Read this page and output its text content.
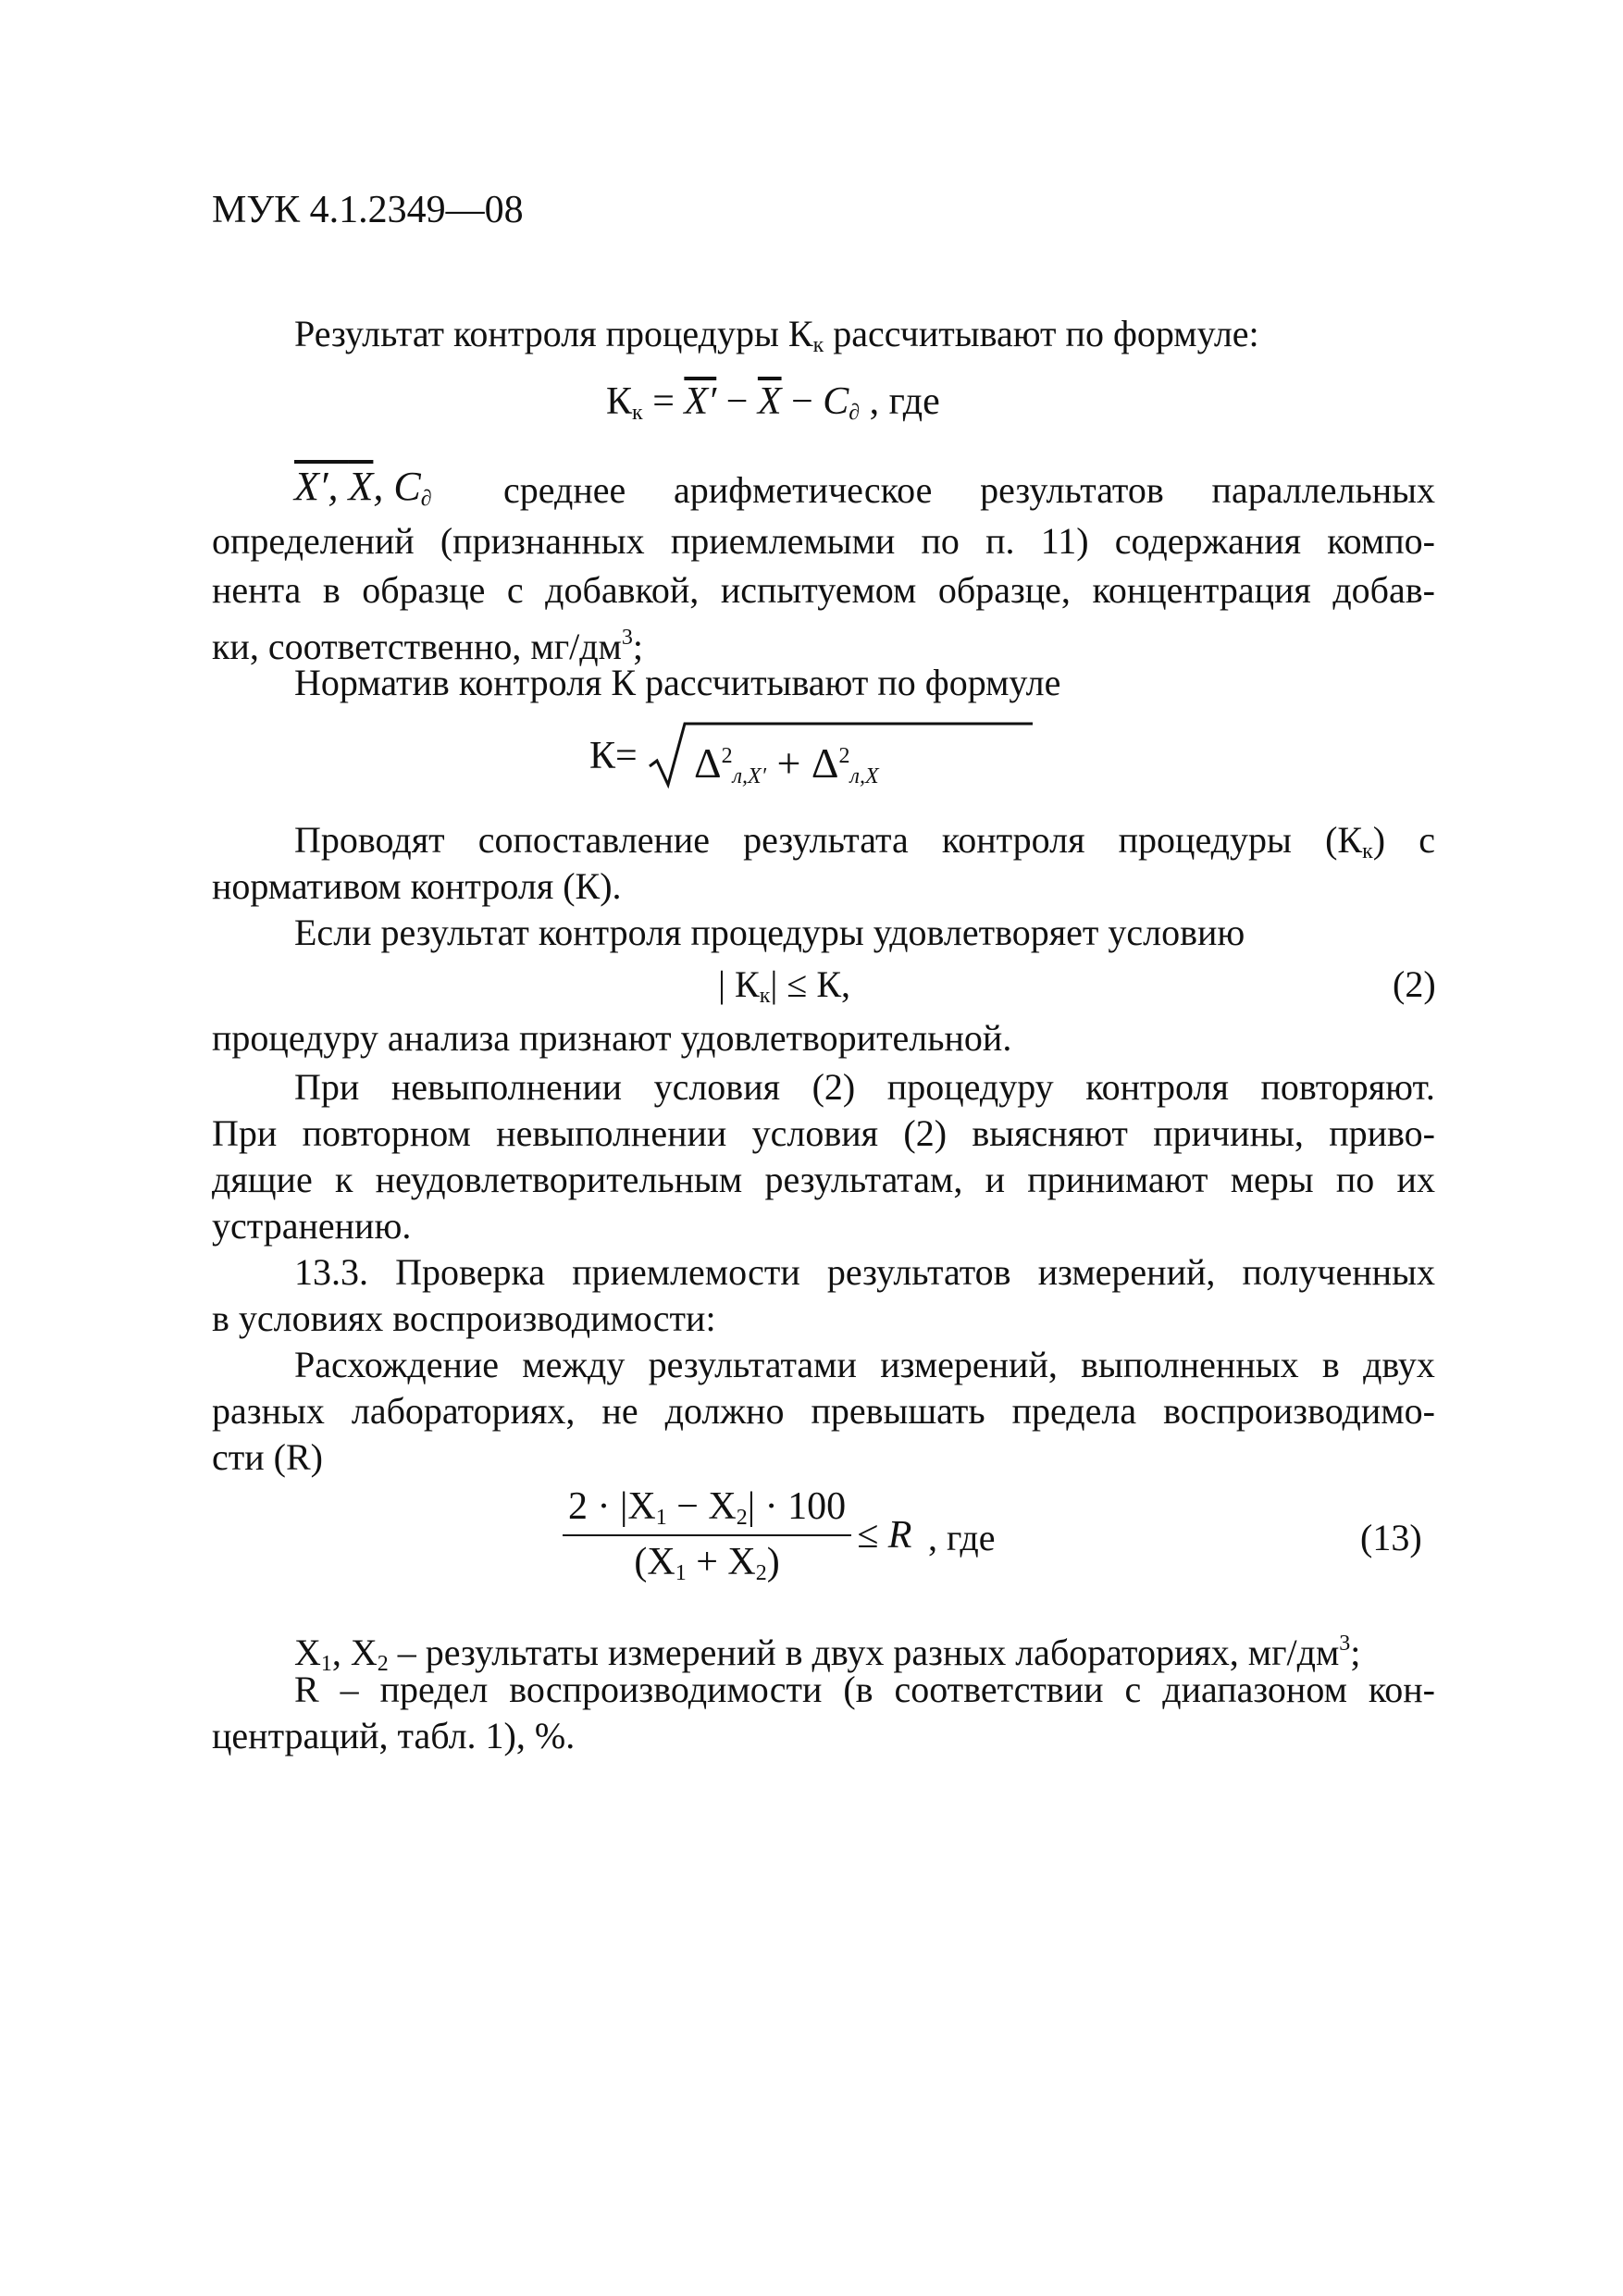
МУК 4.1.2349—08
Результат контроля процедуры Кк рассчитывают по формуле:
Кк = $X' - \overline{X} - C\partial$ , где
X′, $\overline{X}$, C∂ среднее арифметическое результатов параллельных
определений (признанных приемлемыми по п. 11) содержания компо-
нента в образце с добавкой, испытуемом образце, концентрация добав-
ки, соответственно, $мг/дм^3$;
Норматив контроля К рассчитывают по формуле
$К= \Delta^2л,X' + \Delta^2л,X$
Проводят сопоставление результата контроля процедуры (Кк) с
нормативом контроля (К).
Если результат контроля процедуры удовлетворяет условию
| Кк| ≤ К,	(2)
процедуру анализа признают удовлетворительной.
При невыполнении условия (2) процедуру контроля повторяют.
При повторном невыполнении условия (2) выясняют причины, приво-
дящие к неудовлетворительным результатам, и принимают меры по их
устранению.
13.3. Проверка приемлемости результатов измерений, полученных
в условиях воспроизводимости:
Расхождение между результатами измерений, выполненных в двух
разных лабораториях, не должно превышать предела воспроизводимо-
сти (R)
$\frac{2 \cdot |X1 - X2| \cdot 100}{(X1 + X2)} \le R$ , где	(13)
X1, X2 – результаты измерений в двух разных лабораториях, $мг/дм^3$;
R – предел воспроизводимости (в соответствии с диапазоном кон-
центраций, табл. 1), %.
